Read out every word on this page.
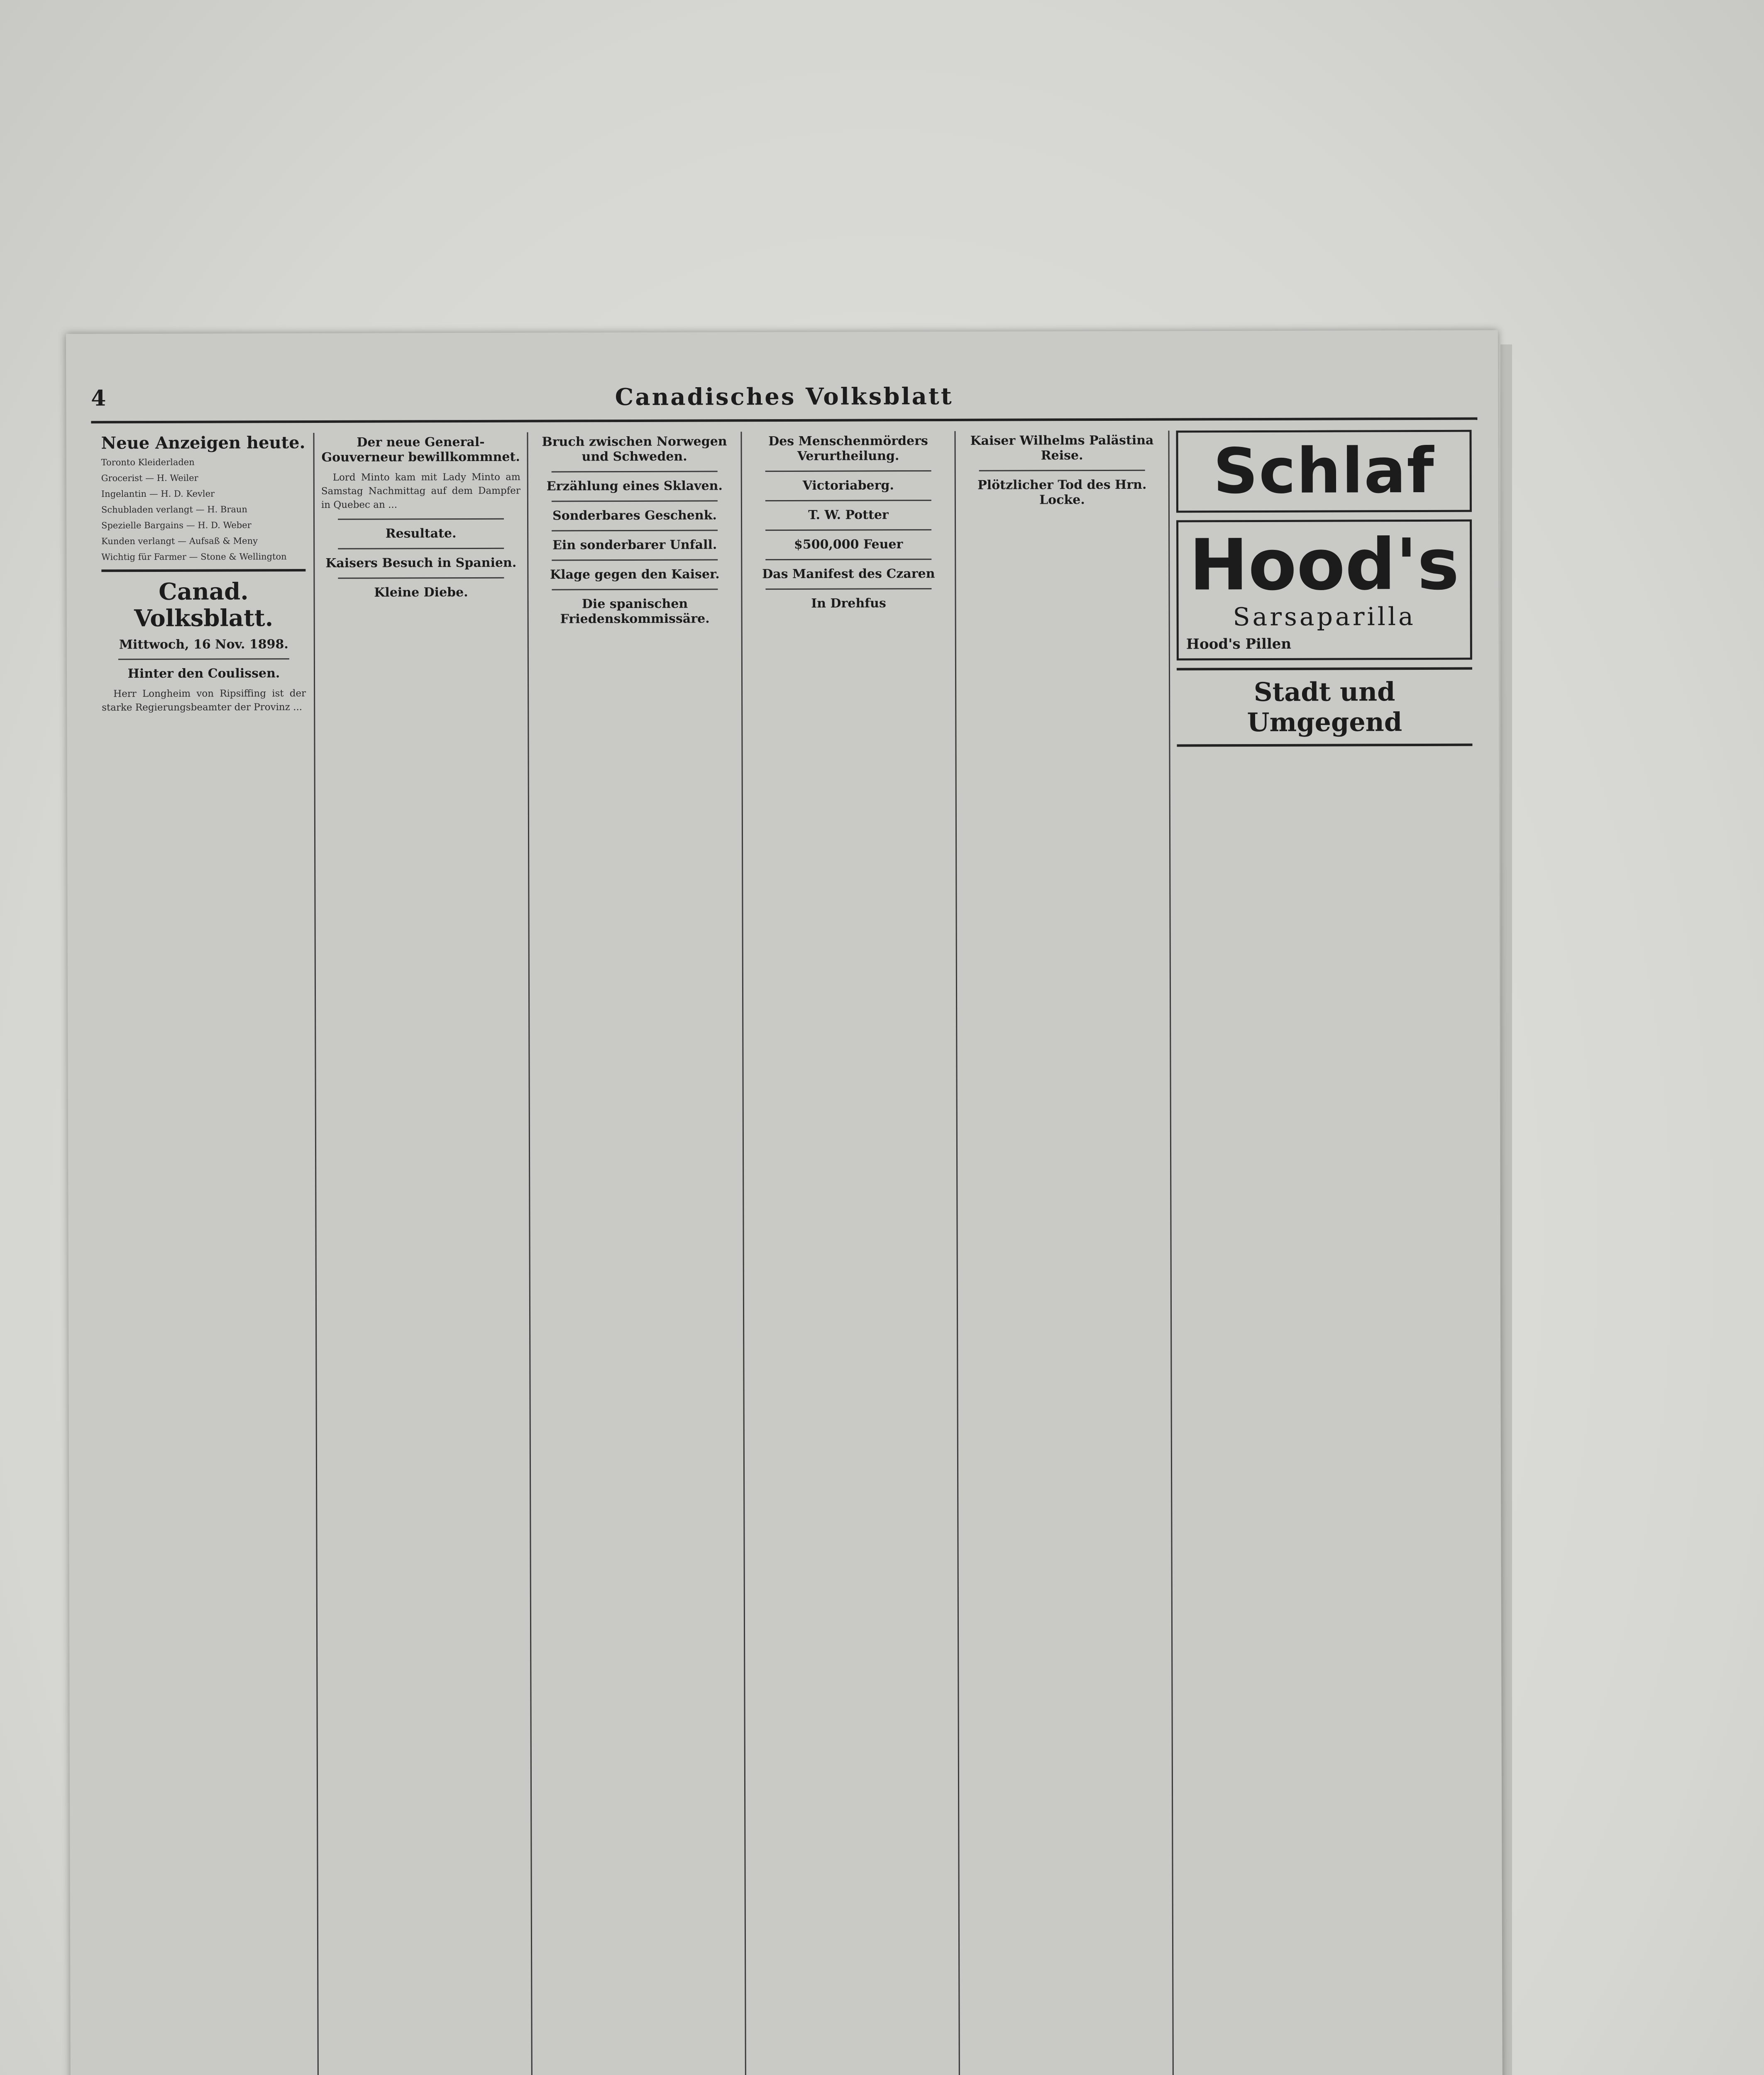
4	Canadisches Volksblatt
Neue Anzeigen heute.
Toronto Kleiderladen
Grocerist — H. Weiler
Ingelantin — H. D. Kevler
Schubladen verlangt — H. Braun
Spezielle Bargains — H. D. Weber
Kunden verlangt — Aufsaß & Meny
Wichtig für Farmer — Stone & Wellington
Canad. Volksblatt.
Mittwoch, 16 Nov. 1898.
Hinter den Coulissen.
Herr Longheim von Ripsiffing ist der starke Regierungsbeamter der Provinz ...
Der neue General-Gouverneur bewillkommnet.
Lord Minto kam mit Lady Minto am Samstag Nachmittag auf dem Dampfer in Quebec an ...
Resultate.
Kaisers Besuch in Spanien.
Kleine Diebe.
Bruch zwischen Norwegen und Schweden.
Erzählung eines Sklaven.
Sonderbares Geschenk.
Ein sonderbarer Unfall.
Klage gegen den Kaiser.
Die spanischen Friedenskommissäre.
Des Menschenmörders Verurtheilung.
Victoriaberg.
T. W. Potter
$500,000 Feuer
Das Manifest des Czaren
In Drehfus
Kaiser Wilhelms Palästina Reise.
Plötzlicher Tod des Hrn. Locke.	Schlaf
Hood's
Sarsaparilla
Hood's Pillen
Stadt und Umgegend
